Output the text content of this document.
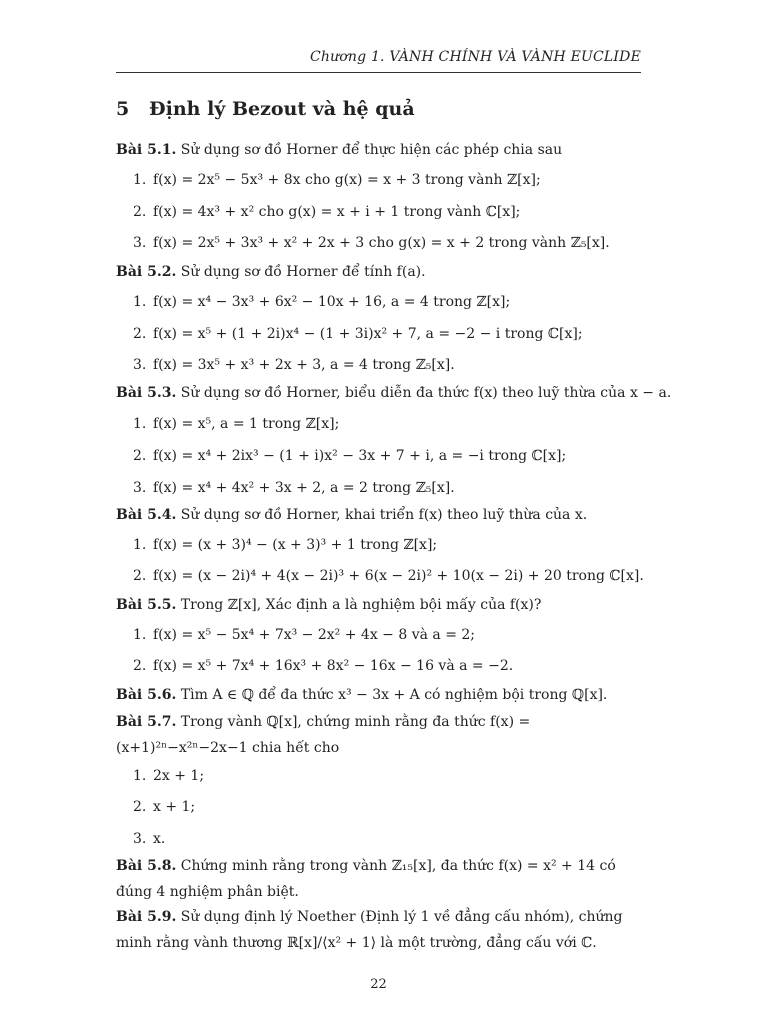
Chương 1. VÀNH CHÍNH VÀ VÀNH EUCLIDE
5 Định lý Bezout và hệ quả
Bài 5.1. Sử dụng sơ đồ Horner để thực hiện các phép chia sau
1. f(x) = 2x⁵ − 5x³ + 8x cho g(x) = x + 3 trong vành ℤ[x];
2. f(x) = 4x³ + x² cho g(x) = x + i + 1 trong vành ℂ[x];
3. f(x) = 2x⁵ + 3x³ + x² + 2x + 3 cho g(x) = x + 2 trong vành ℤ₅[x].
Bài 5.2. Sử dụng sơ đồ Horner để tính f(a).
1. f(x) = x⁴ − 3x³ + 6x² − 10x + 16, a = 4 trong ℤ[x];
2. f(x) = x⁵ + (1 + 2i)x⁴ − (1 + 3i)x² + 7, a = −2 − i trong ℂ[x];
3. f(x) = 3x⁵ + x³ + 2x + 3, a = 4 trong ℤ₅[x].
Bài 5.3. Sử dụng sơ đồ Horner, biểu diễn đa thức f(x) theo luỹ thừa của x − a.
1. f(x) = x⁵, a = 1 trong ℤ[x];
2. f(x) = x⁴ + 2ix³ − (1 + i)x² − 3x + 7 + i, a = −i trong ℂ[x];
3. f(x) = x⁴ + 4x² + 3x + 2, a = 2 trong ℤ₅[x].
Bài 5.4. Sử dụng sơ đồ Horner, khai triển f(x) theo luỹ thừa của x.
1. f(x) = (x + 3)⁴ − (x + 3)³ + 1 trong ℤ[x];
2. f(x) = (x − 2i)⁴ + 4(x − 2i)³ + 6(x − 2i)² + 10(x − 2i) + 20 trong ℂ[x].
Bài 5.5. Trong ℤ[x], Xác định a là nghiệm bội mấy của f(x)?
1. f(x) = x⁵ − 5x⁴ + 7x³ − 2x² + 4x − 8 và a = 2;
2. f(x) = x⁵ + 7x⁴ + 16x³ + 8x² − 16x − 16 và a = −2.
Bài 5.6. Tìm A ∈ ℚ để đa thức x³ − 3x + A có nghiệm bội trong ℚ[x].
Bài 5.7. Trong vành ℚ[x], chứng minh rằng đa thức f(x) = (x+1)²ⁿ−x²ⁿ−2x−1 chia hết cho
1. 2x + 1;
2. x + 1;
3. x.
Bài 5.8. Chứng minh rằng trong vành ℤ₁₅[x], đa thức f(x) = x² + 14 có đúng 4 nghiệm phân biệt.
Bài 5.9. Sử dụng định lý Noether (Định lý 1 về đẳng cấu nhóm), chứng minh rằng vành thương ℝ[x]/⟨x² + 1⟩ là một trường, đẳng cấu với ℂ.
22
